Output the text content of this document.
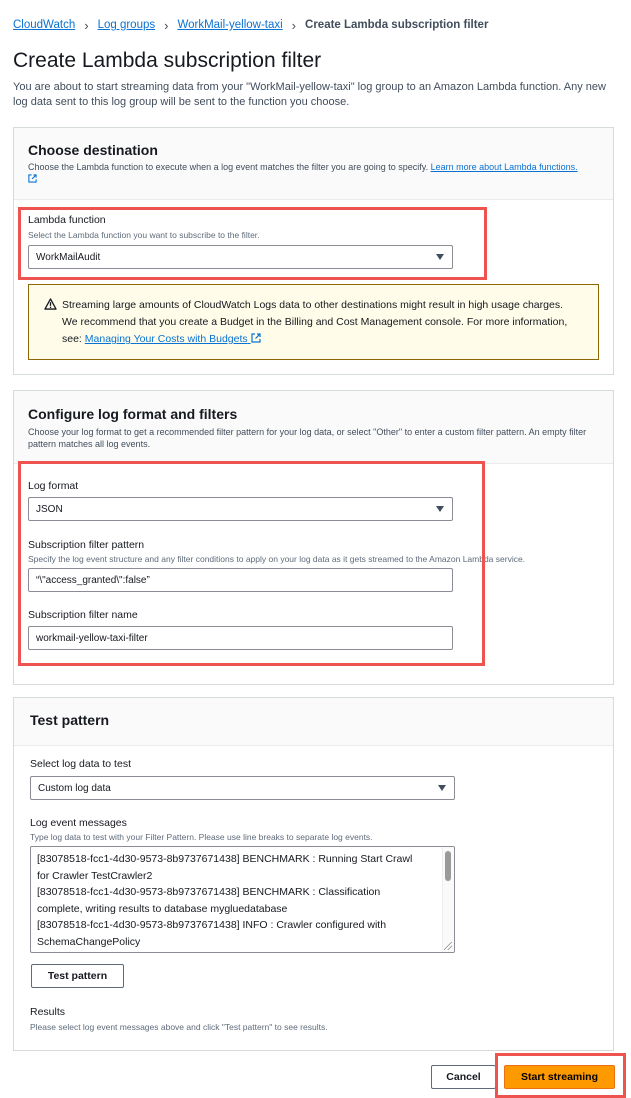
CloudWatch › Log groups › WorkMail-yellow-taxi › Create Lambda subscription filter
Create Lambda subscription filter

You are about to start streaming data from your "WorkMail-yellow-taxi" log group to an Amazon Lambda function. Any new log data sent to this log group will be sent to the function you choose.

Choose destination
Choose the Lambda function to execute when a log event matches the filter you are going to specify. Learn more about Lambda functions.
Lambda function
Select the Lambda function you want to subscribe to the filter.
WorkMailAudit
Streaming large amounts of CloudWatch Logs data to other destinations might result in high usage charges. We recommend that you create a Budget in the Billing and Cost Management console. For more information, see: Managing Your Costs with Budgets
Configure log format and filters
Choose your log format to get a recommended filter pattern for your log data, or select "Other" to enter a custom filter pattern. An empty filter pattern matches all log events.
Log format
JSON
Subscription filter pattern
Specify the log event structure and any filter conditions to apply on your log data as it gets streamed to the Amazon Lambda service.
“\"access_granted\":false”
Subscription filter name
workmail-yellow-taxi-filter
Test pattern
Select log data to test
Custom log data
Log event messages
Type log data to test with your Filter Pattern. Please use line breaks to separate log events.
[83078518-fcc1-4d30-9573-8b9737671438] BENCHMARK : Running Start Crawl
for Crawler TestCrawler2
[83078518-fcc1-4d30-9573-8b9737671438] BENCHMARK : Classification
complete, writing results to database mygluedatabase
[83078518-fcc1-4d30-9573-8b9737671438] INFO : Crawler configured with
SchemaChangePolicy
Test pattern
Results
Please select log event messages above and click "Test pattern" to see results.
Cancel	Start streaming
